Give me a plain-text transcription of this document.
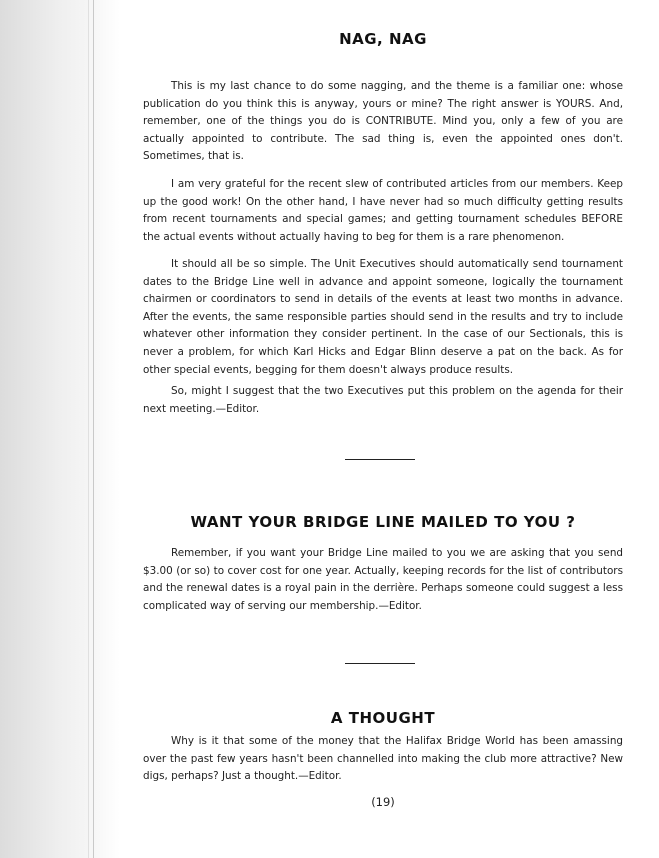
NAG, NAG

This is my last chance to do some nagging, and the theme is a familiar one: whose publication do you think this is anyway, yours or mine? The right answer is YOURS. And, remember, one of the things you do is CONTRIBUTE. Mind you, only a few of you are actually appointed to contribute. The sad thing is, even the appointed ones don't. Sometimes, that is.

I am very grateful for the recent slew of contributed articles from our members. Keep up the good work! On the other hand, I have never had so much difficulty getting results from recent tournaments and special games; and getting tournament schedules BEFORE the actual events without actually having to beg for them is a rare phenomenon.

It should all be so simple. The Unit Executives should automatically send tournament dates to the Bridge Line well in advance and appoint someone, logically the tournament chairmen or coordinators to send in details of the events at least two months in advance. After the events, the same responsible parties should send in the results and try to include whatever other information they consider pertinent. In the case of our Sectionals, this is never a problem, for which Karl Hicks and Edgar Blinn deserve a pat on the back. As for other special events, begging for them doesn't always produce results.

So, might I suggest that the two Executives put this problem on the agenda for their next meeting.—Editor.

WANT YOUR BRIDGE LINE MAILED TO YOU ?

Remember, if you want your Bridge Line mailed to you we are asking that you send $3.00 (or so) to cover cost for one year. Actually, keeping records for the list of contributors and the renewal dates is a royal pain in the derrière. Perhaps someone could suggest a less complicated way of serving our membership.—Editor.

A THOUGHT

Why is it that some of the money that the Halifax Bridge World has been amassing over the past few years hasn't been channelled into making the club more attractive? New digs, perhaps? Just a thought.—Editor.

(19)
